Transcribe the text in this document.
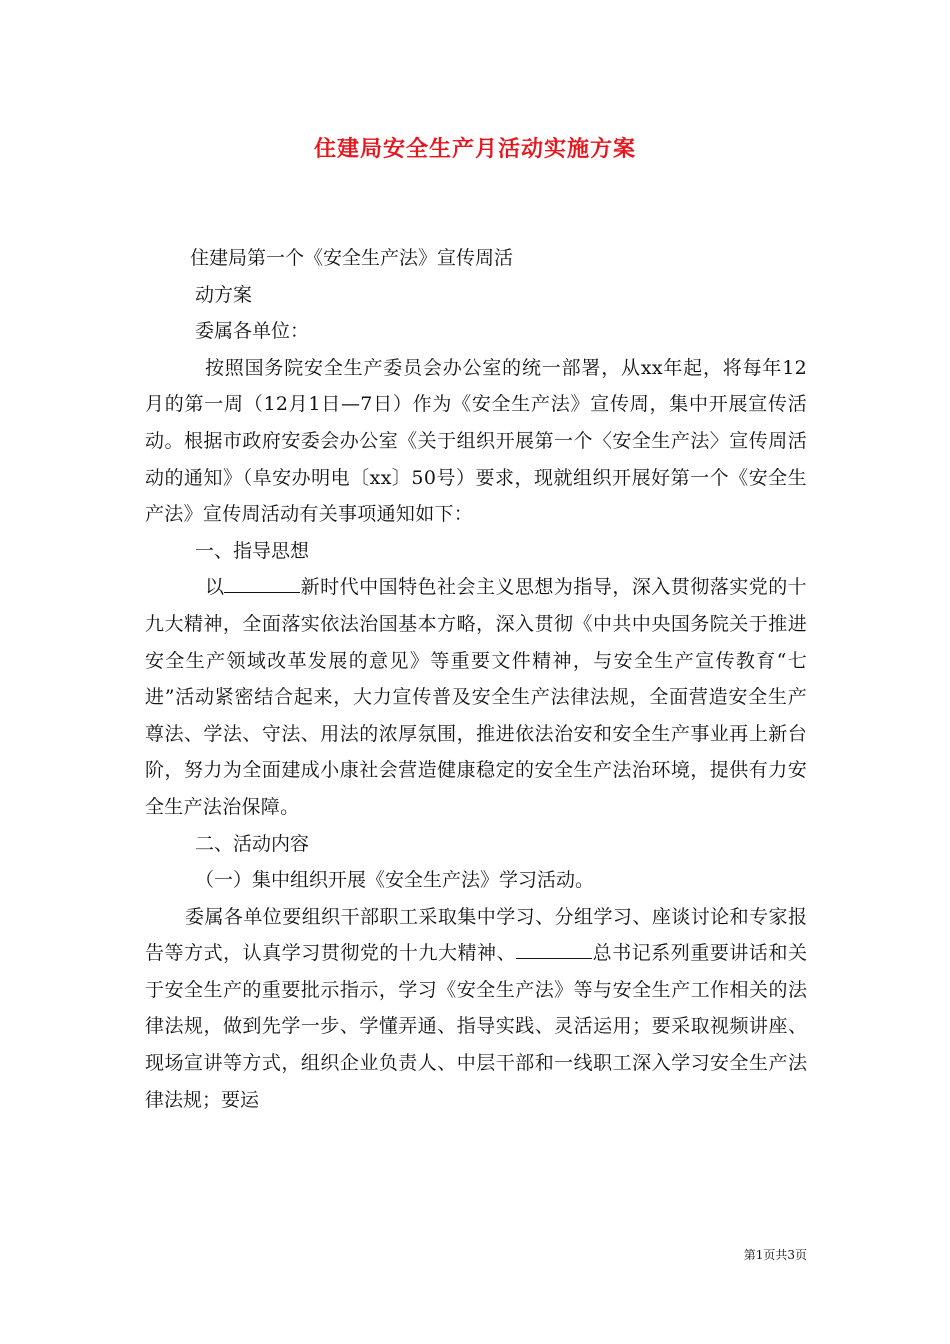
住建局安全生产月活动实施方案

住建局第一个《安全生产法》宣传周活

动方案

委属各单位：

按照国务院安全生产委员会办公室的统一部署，从xx年起，将每年12月的第一周（12月1日—7日）作为《安全生产法》宣传周，集中开展宣传活动。根据市政府安委会办公室《关于组织开展第一个〈安全生产法〉宣传周活动的通知》（阜安办明电〔xx〕50号）要求，现就组织开展好第一个《安全生产法》宣传周活动有关事项通知如下：

一、指导思想

以	新时代中国特色社会主义思想为指导，深入贯彻落实党的十九大精神，全面落实依法治国基本方略，深入贯彻《中共中央国务院关于推进安全生产领域改革发展的意见》等重要文件精神，与安全生产宣传教育“七进”活动紧密结合起来，大力宣传普及安全生产法律法规，全面营造安全生产尊法、学法、守法、用法的浓厚氛围，推进依法治安和安全生产事业再上新台阶，努力为全面建成小康社会营造健康稳定的安全生产法治环境，提供有力安全生产法治保障。

二、活动内容

（一）集中组织开展《安全生产法》学习活动。

委属各单位要组织干部职工采取集中学习、分组学习、座谈讨论和专家报告等方式，认真学习贯彻党的十九大精神、	总书记系列重要讲话和关于安全生产的重要批示指示，学习《安全生产法》等与安全生产工作相关的法律法规，做到先学一步、学懂弄通、指导实践、灵活运用；要采取视频讲座、现场宣讲等方式，组织企业负责人、中层干部和一线职工深入学习安全生产法律法规；要运

第1页共3页
